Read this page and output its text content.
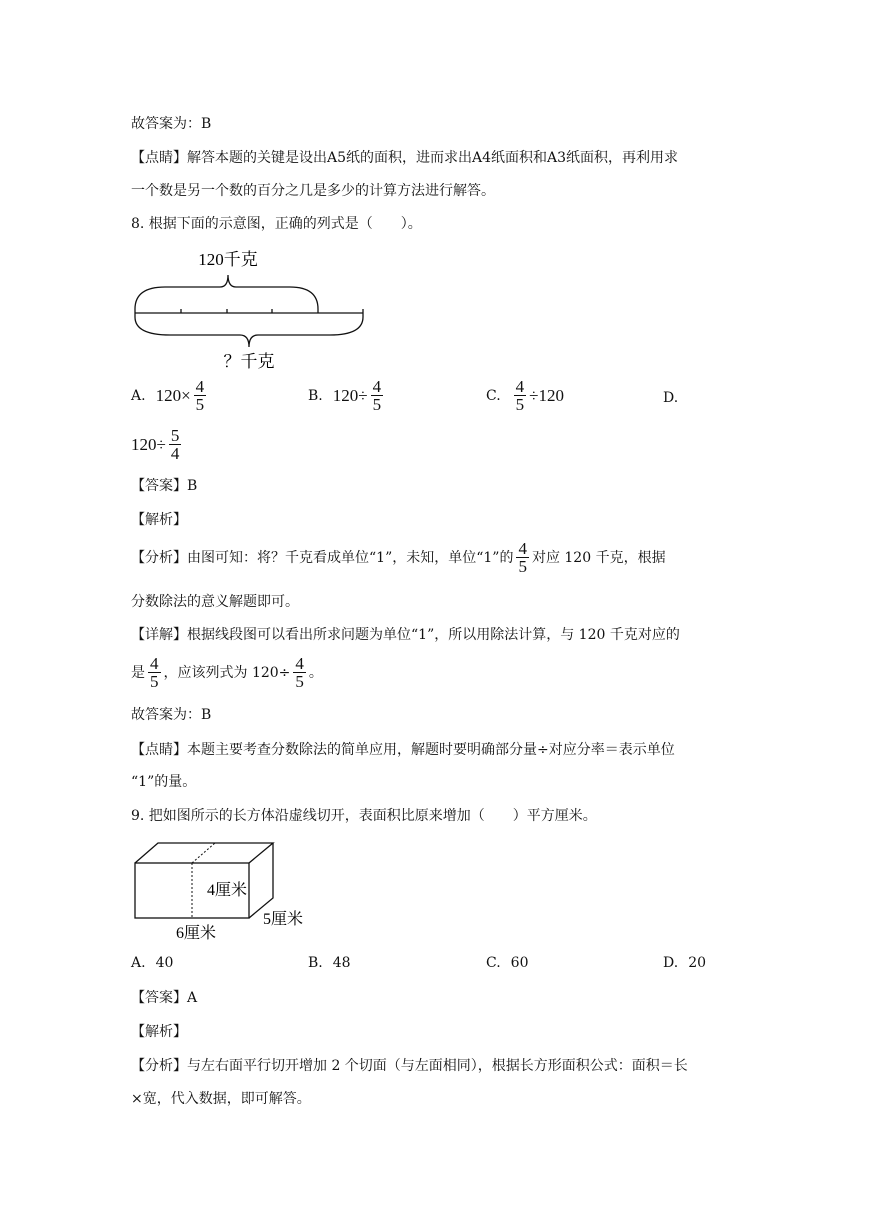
故答案为：B
【点睛】解答本题的关键是设出A5纸的面积，进而求出A4纸面积和A3纸面积，再利用求
一个数是另一个数的百分之几是多少的计算方法进行解答。
8. 根据下面的示意图，正确的列式是（　　）。
120千克
？千克
A. $120 \times \frac{4}{5}$	B. $120 \div \frac{4}{5}$	C. $\frac{4}{5} \div 120$	D.
$120 \div \frac{5}{4}$
【答案】B
【解析】
【分析】由图可知：将？千克看成单位“1”，未知，单位“1”的 $\frac{4}{5}$ 对应 120 千克，根据
分数除法的意义解题即可。
【详解】根据线段图可以看出所求问题为单位“1”，所以用除法计算，与 120 千克对应的
是 $\frac{4}{5}$ ，应该列式为 $120\div \frac{4}{5}$ 。
故答案为：B
【点睛】本题主要考查分数除法的简单应用，解题时要明确部分量÷对应分率＝表示单位
“1”的量。
9. 把如图所示的长方体沿虚线切开，表面积比原来增加（　　）平方厘米。
4厘米
5厘米
6厘米
A. 40	B. 48	C. 60	D. 20
【答案】A
【解析】
【分析】与左右面平行切开增加 2 个切面（与左面相同），根据长方形面积公式：面积＝长
×宽，代入数据，即可解答。
